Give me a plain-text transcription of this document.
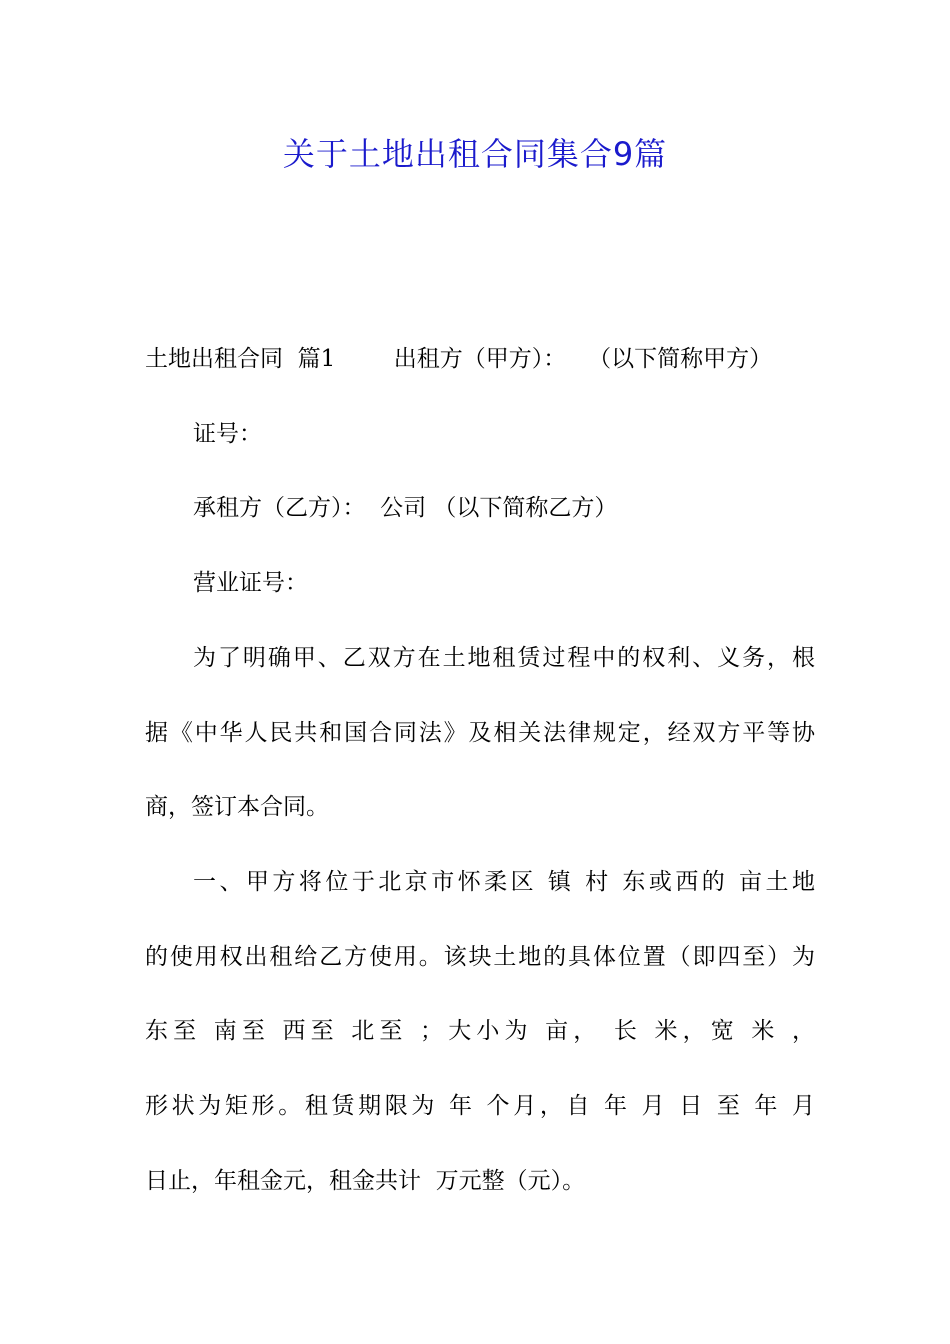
关于土地出租合同集合9篇

土地出租合同  篇1        出租方（甲方）：   （以下简称甲方）

证号：

承租方（乙方）：  公司 （以下简称乙方）

营业证号：

为了明确甲、乙双方在土地租赁过程中的权利、义务，根

据《中华人民共和国合同法》及相关法律规定，经双方平等协

商，签订本合同。

一、甲方将位于北京市怀柔区 镇 村 东或西的 亩土地

的使用权出租给乙方使用。该块土地的具体位置（即四至）为

东至 南至 西至 北至 ；大小为 亩， 长 米，宽 米 ，

形状为矩形。租赁期限为 年 个月，自 年 月 日 至 年 月

日止，年租金元，租金共计  万元整（元）。
